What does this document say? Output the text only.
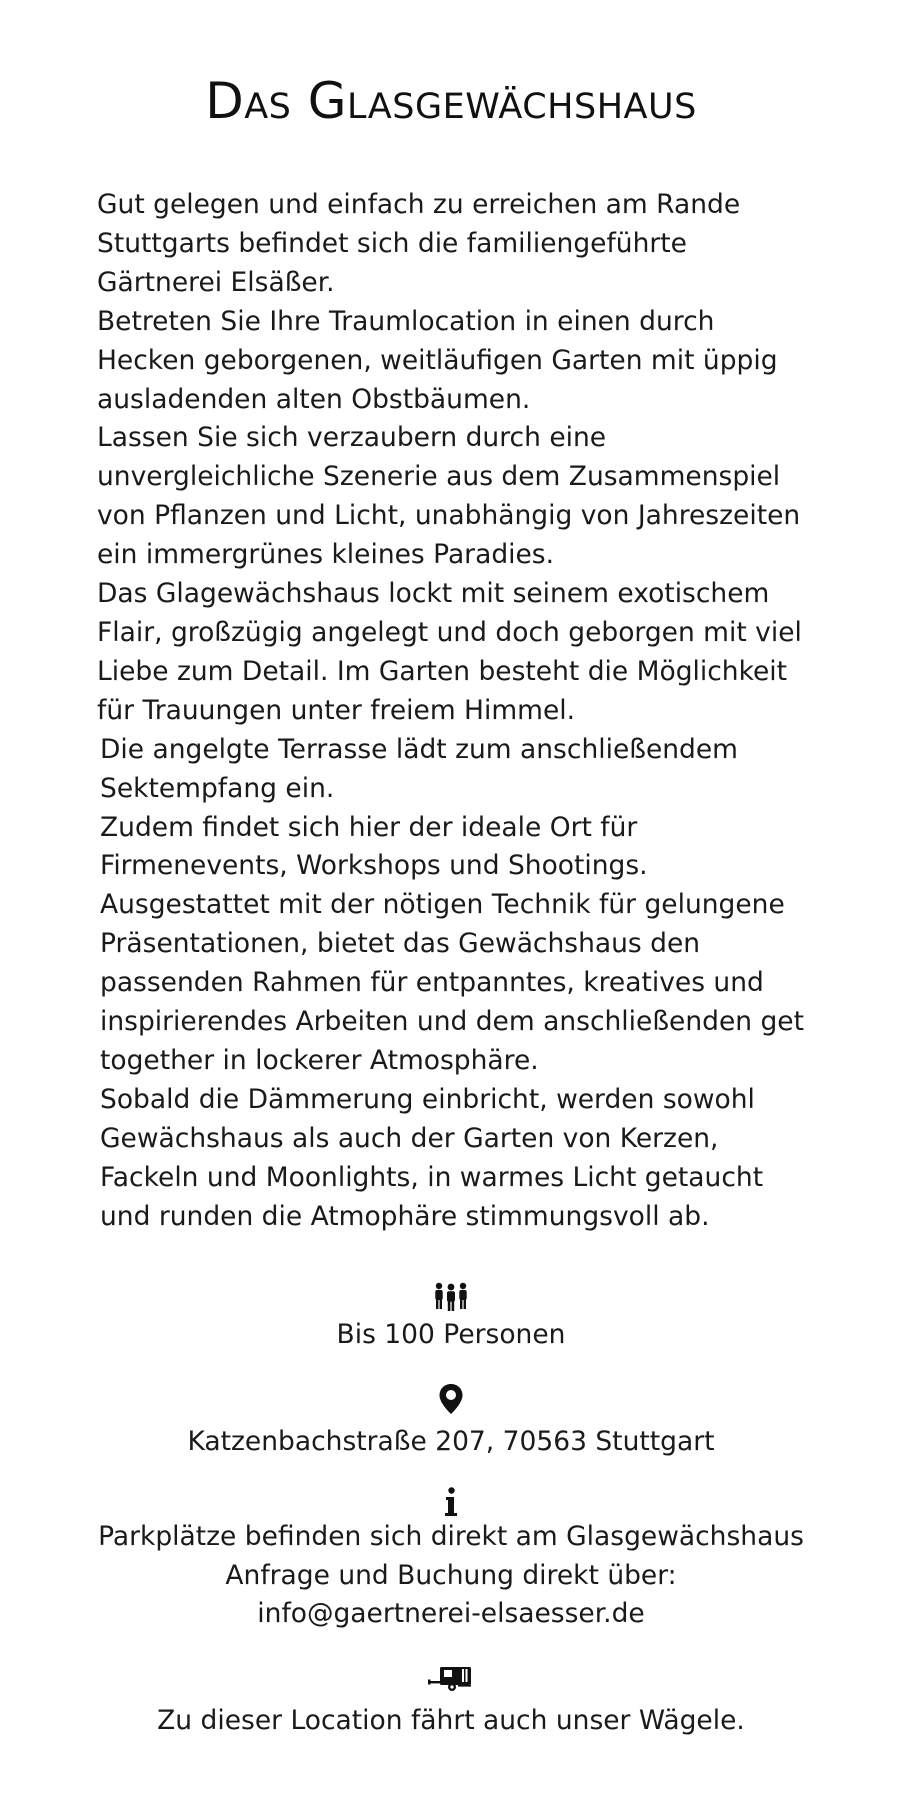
Das Glasgewächshaus

Gut gelegen und einfach zu erreichen am Rande Stuttgarts befindet sich die familiengeführte Gärtnerei Elsäßer.

Betreten Sie Ihre Traumlocation in einen durch Hecken geborgenen, weitläufigen Garten mit üppig ausladenden alten Obstbäumen.

Lassen Sie sich verzaubern durch eine unvergleichliche Szenerie aus dem Zusammenspiel von Pflanzen und Licht, unabhängig von Jahreszeiten ein immergrünes kleines Paradies.

Das Glagewächshaus lockt mit seinem exotischem Flair, großzügig angelegt und doch geborgen mit viel Liebe zum Detail. Im Garten besteht die Möglichkeit für Trauungen unter freiem Himmel.

Die angelgte Terrasse lädt zum anschließendem Sektempfang ein.

Zudem findet sich hier der ideale Ort für Firmenevents, Workshops und Shootings.

Ausgestattet mit der nötigen Technik für gelungene Präsentationen, bietet das Gewächshaus den passenden Rahmen für entpanntes, kreatives und inspirierendes Arbeiten und dem anschließenden get together in lockerer Atmosphäre.

Sobald die Dämmerung einbricht, werden sowohl Gewächshaus als auch der Garten von Kerzen, Fackeln und Moonlights, in warmes Licht getaucht und runden die Atmophäre stimmungsvoll ab.

Bis 100 Personen
Katzenbachstraße 207, 70563 Stuttgart
Parkplätze befinden sich direkt am Glasgewächshaus
Anfrage und Buchung direkt über:
info@gaertnerei-elsaesser.de
Zu dieser Location fährt auch unser Wägele.
